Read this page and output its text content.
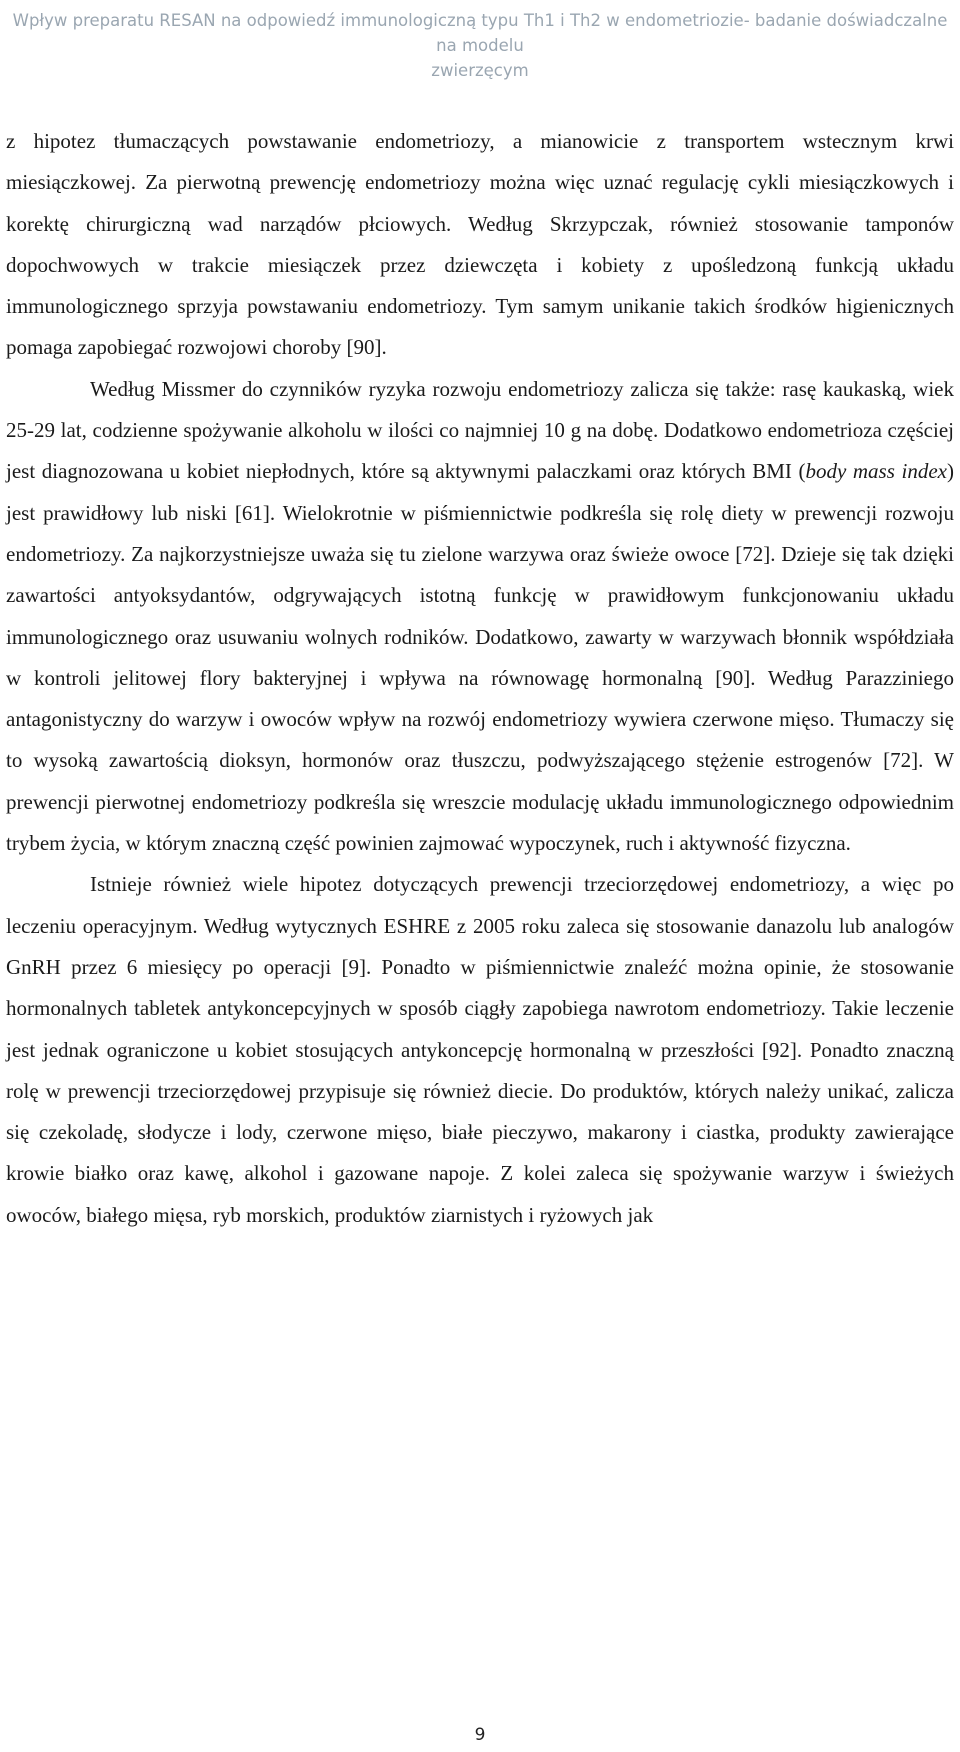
Wpływ preparatu RESAN na odpowiedź immunologiczną typu Th1 i Th2 w endometriozie- badanie doświadczalne na modelu
zwierzęcym

z hipotez tłumaczących powstawanie endometriozy, a mianowicie z transportem wstecznym krwi miesiączkowej. Za pierwotną prewencję endometriozy można więc uznać regulację cykli miesiączkowych i korektę chirurgiczną wad narządów płciowych. Według Skrzypczak, również stosowanie tamponów dopochwowych w trakcie miesiączek przez dziewczęta i kobiety z upośledzoną funkcją układu immunologicznego sprzyja powstawaniu endometriozy. Tym samym unikanie takich środków higienicznych pomaga zapobiegać rozwojowi choroby [90].

Według Missmer do czynników ryzyka rozwoju endometriozy zalicza się także: rasę kaukaską, wiek 25-29 lat, codzienne spożywanie alkoholu w ilości co najmniej 10 g na dobę. Dodatkowo endometrioza częściej jest diagnozowana u kobiet niepłodnych, które są aktywnymi palaczkami oraz których BMI (body mass index) jest prawidłowy lub niski [61]. Wielokrotnie w piśmiennictwie podkreśla się rolę diety w prewencji rozwoju endometriozy. Za najkorzystniejsze uważa się tu zielone warzywa oraz świeże owoce [72]. Dzieje się tak dzięki zawartości antyoksydantów, odgrywających istotną funkcję w prawidłowym funkcjonowaniu układu immunologicznego oraz usuwaniu wolnych rodników. Dodatkowo, zawarty w warzywach błonnik współdziała w kontroli jelitowej flory bakteryjnej i wpływa na równowagę hormonalną [90]. Według Parazziniego antagonistyczny do warzyw i owoców wpływ na rozwój endometriozy wywiera czerwone mięso. Tłumaczy się to wysoką zawartością dioksyn, hormonów oraz tłuszczu, podwyższającego stężenie estrogenów [72]. W prewencji pierwotnej endometriozy podkreśla się wreszcie modulację układu immunologicznego odpowiednim trybem życia, w którym znaczną część powinien zajmować wypoczynek, ruch i aktywność fizyczna.

Istnieje również wiele hipotez dotyczących prewencji trzeciorzędowej endometriozy, a więc po leczeniu operacyjnym. Według wytycznych ESHRE z 2005 roku zaleca się stosowanie danazolu lub analogów GnRH przez 6 miesięcy po operacji [9]. Ponadto w piśmiennictwie znaleźć można opinie, że stosowanie hormonalnych tabletek antykoncepcyjnych w sposób ciągły zapobiega nawrotom endometriozy. Takie leczenie jest jednak ograniczone u kobiet stosujących antykoncepcję hormonalną w przeszłości [92]. Ponadto znaczną rolę w prewencji trzeciorzędowej przypisuje się również diecie. Do produktów, których należy unikać, zalicza się czekoladę, słodycze i lody, czerwone mięso, białe pieczywo, makarony i ciastka, produkty zawierające krowie białko oraz kawę, alkohol i gazowane napoje. Z kolei zaleca się spożywanie warzyw i świeżych owoców, białego mięsa, ryb morskich, produktów ziarnistych i ryżowych jak

9
